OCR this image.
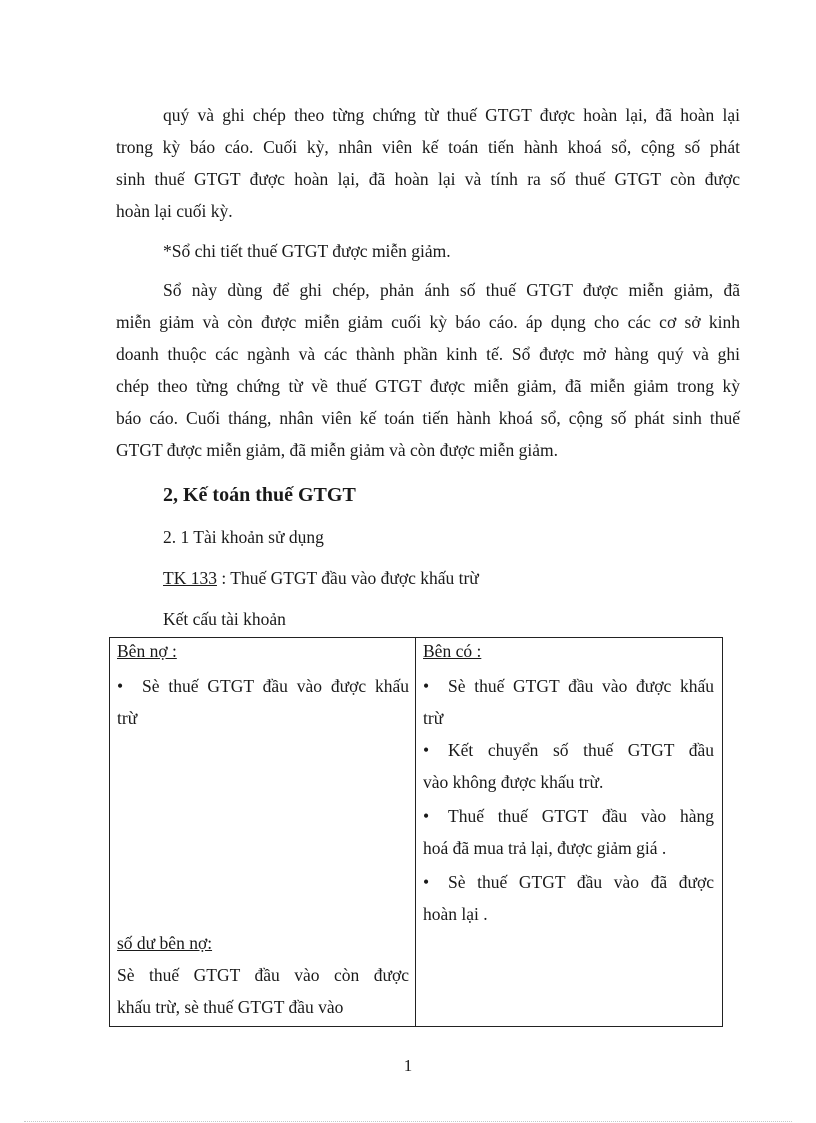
quý và ghi chép theo từng chứng từ thuế GTGT được hoàn lại, đã hoàn lại
trong kỳ báo cáo. Cuối kỳ, nhân viên kế toán tiến hành khoá sổ, cộng số phát
sinh thuế GTGT được hoàn lại, đã hoàn lại và tính ra số thuế GTGT còn được
hoàn lại cuối kỳ.
*Sổ chi tiết thuế GTGT được miễn giảm.
Sổ này dùng để ghi chép, phản ánh số thuế GTGT được miễn giảm, đã
miễn giảm và còn được miễn giảm cuối kỳ báo cáo. áp dụng cho các cơ sở kinh
doanh thuộc các ngành và các thành phần kinh tế. Sổ được mở hàng quý và ghi
chép theo từng chứng từ về thuế GTGT được miễn giảm, đã miễn giảm trong kỳ
báo cáo. Cuối tháng, nhân viên kế toán tiến hành khoá sổ, cộng số phát sinh thuế
GTGT được miễn giảm, đã miễn giảm và còn được miễn giảm.
2, Kế toán thuế GTGT
2. 1 Tài khoản sử dụng
TK 133 : Thuế GTGT đầu vào được khấu trừ
Kết cấu tài khoản
Bên nợ :
•	Sè thuế GTGT đầu vào được khấu
trừ
số dư bên nợ:
Sè thuế GTGT đầu vào còn được
khấu trừ, sè thuế GTGT đầu vào
Bên có :
•	Sè thuế GTGT đầu vào được khấu
trừ
•	Kết chuyển số thuế GTGT đầu
vào không được khấu trừ.
•	Thuế thuế GTGT đầu vào hàng
hoá đã mua trả lại, được giảm giá .
•	Sè thuế GTGT đầu vào đã được
hoàn lại .
1
